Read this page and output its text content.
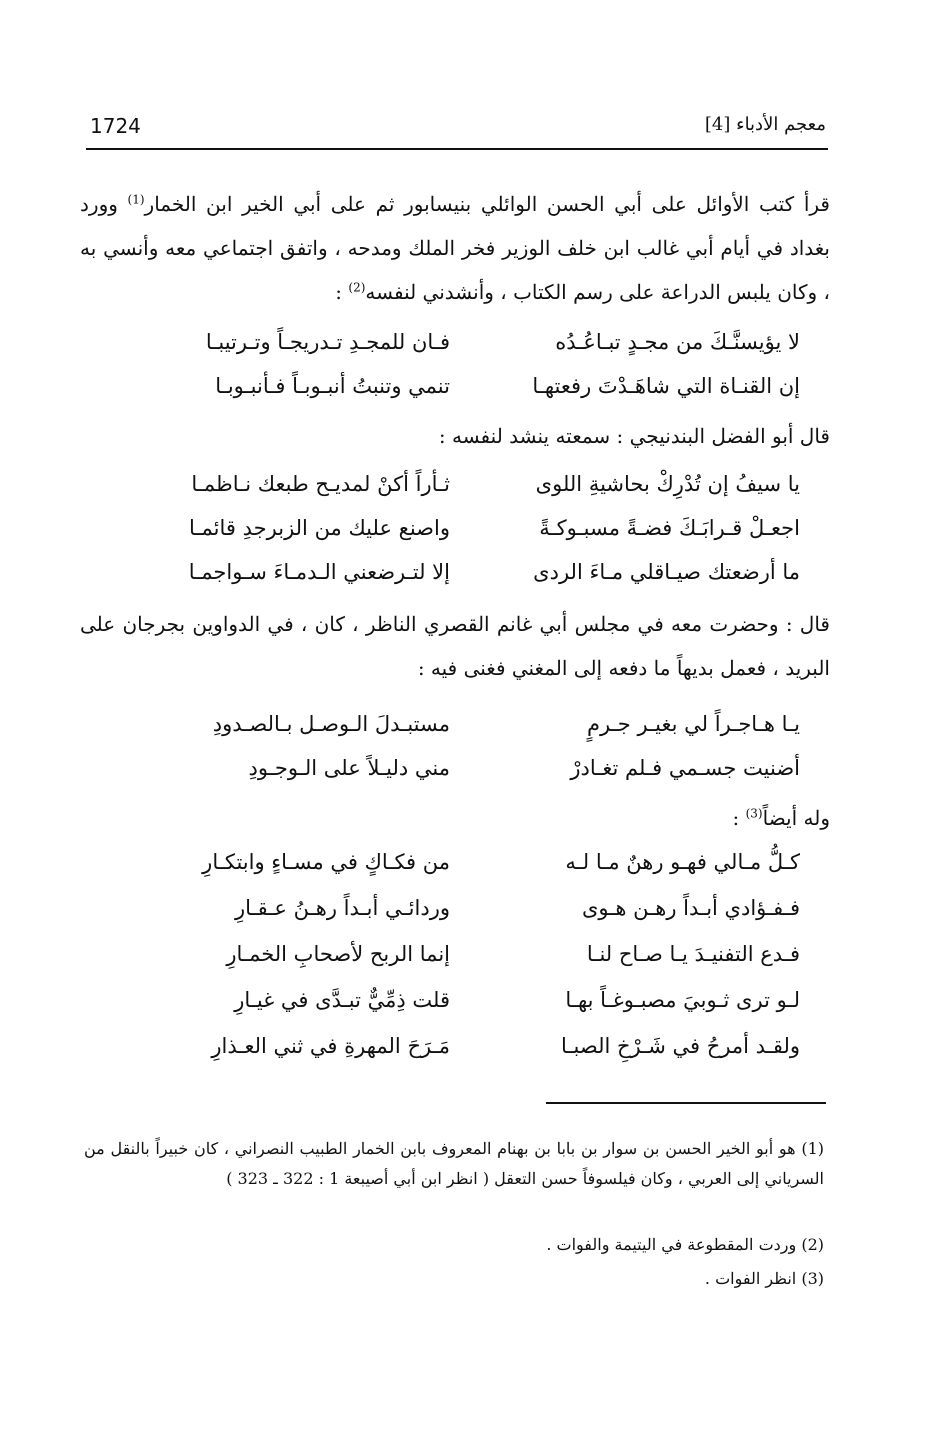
1724	معجم الأدباء [4]

قرأ كتب الأوائل على أبي الحسن الوائلي بنيسابور ثم على أبي الخير ابن الخمار$^{(1)}$ وورد بغداد في أيام أبي غالب ابن خلف الوزير فخر الملك ومدحه ، واتفق اجتماعي معه وأنسي به ، وكان يلبس الدراعة على رسم الكتاب ، وأنشدني لنفسه$^{(2)}$ :

لا يؤيسنَّـكَ من مجـدٍ تبـاعُـدُه
فـان للمجـدِ تـدريجـاً وتـرتيبـا
إن القنـاة التي شاهَـدْتَ رفعتهـا
تنمي وتنبتُ أنبـوبـاً فـأنبـوبـا

قال أبو الفضل البندنيجي : سمعته ينشد لنفسه :

يا سيفُ إن تُدْرِكْ بحاشيةِ اللوى
ثـأراً أكنْ لمديـح طبعك نـاظمـا
اجعـلْ قـرابَـكَ فضـةً مسبـوكـةً
واصنع عليك من الزبرجدِ قائمـا
ما أرضعتك صيـاقلي مـاءَ الردى
إلا لتـرضعني الـدمـاءَ سـواجمـا

قال : وحضرت معه في مجلس أبي غانم القصري الناظر ، كان ، في الدواوين بجرجان على البريد ، فعمل بديهاً ما دفعه إلى المغني فغنى فيه :

يـا هـاجـراً لي بغيـر جـرمٍ
مستبـدلَ الـوصـل بـالصـدودِ
أضنيت جسـمي فـلم تغـادرْ
مني دليـلاً على الـوجـودِ

وله أيضاً$^{(3)}$ :

كـلُّ مـالي فهـو رهنٌ مـا لـه
من فكـاكٍ في مسـاءٍ وابتكـارِ
فـفـؤادي أبـداً رهـن هـوى
وردائـي أبـداً رهـنُ عـقـارِ
فـدع التفنيـدَ يـا صـاح لنـا
إنما الربح لأصحابِ الخمـارِ
لـو ترى ثـوبيَ مصبـوغـاً بهـا
قلت ذِمِّيٌّ تبـدَّى في غيـارِ
ولقـد أمرحُ في شَـرْخِ الصبـا
مَـرَحَ المهرةِ في ثني العـذارِ
(1) هو أبو الخير الحسن بن سوار بن بابا بن بهنام المعروف بابن الخمار الطبيب النصراني ، كان خبيراً بالنقل من السرياني إلى العربي ، وكان فيلسوفاً حسن التعقل ( انظر ابن أبي أصيبعة 1 : 322 ـ 323 )
(2) وردت المقطوعة في اليتيمة والفوات .
(3) انظر الفوات .
